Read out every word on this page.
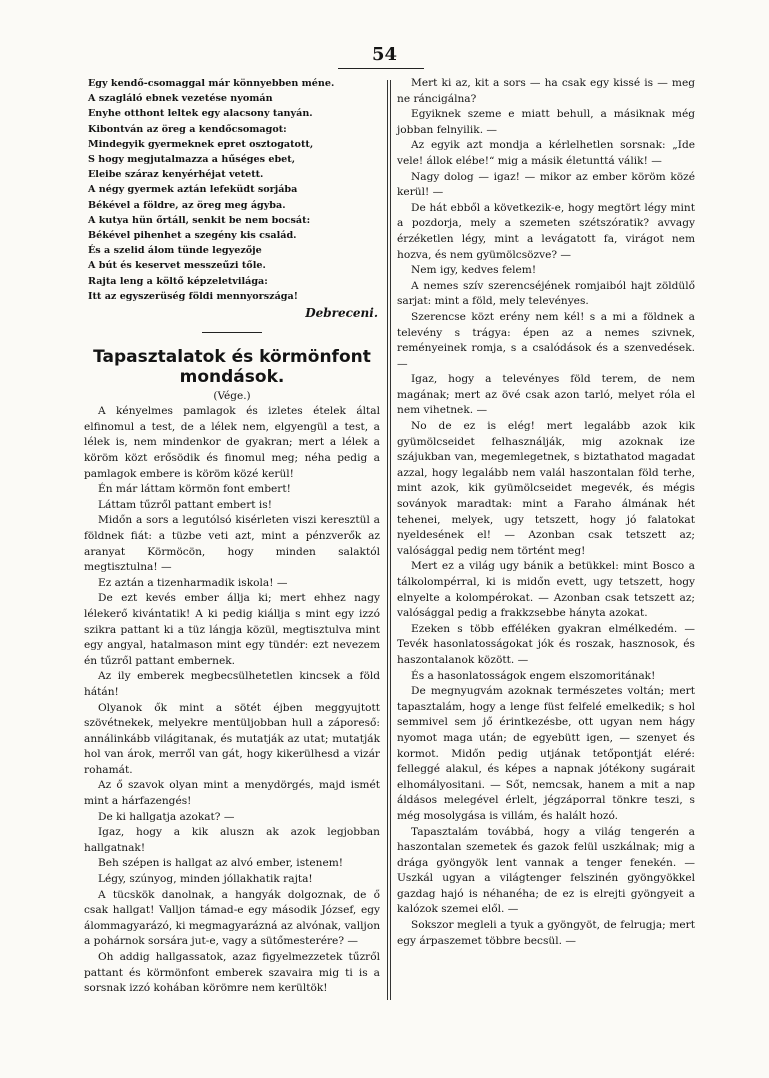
54
Egy kendő-csomaggal már könnyebben méne.
A szagláló ebnek vezetése nyomán
Enyhe otthont leltek egy alacsony tanyán.
Kibontván az öreg a kendőcsomagot:
Mindegyik gyermeknek epret osztogatott,
S hogy megjutalmazza a hűséges ebet,
Eleibe száraz kenyérhéjat vetett.
A négy gyermek aztán lefeküdt sorjába
Békével a földre, az öreg meg ágyba.
A kutya hün őrtáll, senkit be nem bocsát:
Békével pihenhet a szegény kis család.
És a szelid álom tünde legyezője
A bút és keservet messzeűzi tőle.
Rajta leng a költő képzeletvilága:
Itt az egyszerüség földi mennyországa!
Debreceni.
Tapasztalatok és körmönfont
mondások.
(Vége.)

A kényelmes pamlagok és izletes ételek által elfinomul a test, de a lélek nem, elgyengül a test, a lélek is, nem mindenkor de gyakran; mert a lélek a köröm közt erősödik és finomul meg; néha pedig a pamlagok embere is köröm közé kerül!

Én már láttam körmön font embert!

Láttam tűzről pattant embert is!

Midőn a sors a legutólsó kisérleten viszi keresztül a földnek fiát: a tüzbe veti azt, mint a pénzverők az aranyat Körmöcön, hogy minden salaktól megtisztulna! —

Ez aztán a tizenharmadik iskola! —

De ezt kevés ember állja ki; mert ehhez nagy lélekerő kivántatik! A ki pedig kiállja s mint egy izzó szikra pattant ki a tüz lángja közül, megtisztulva mint egy angyal, hatalmason mint egy tündér: ezt nevezem én tűzről pattant embernek.

Az ily emberek megbecsülhetetlen kincsek a föld hátán!

Olyanok ők mint a sötét éjben meggyujtott szövétnekek, melyekre mentüljobban hull a záporeső: annálinkább világitanak, és mutatják az utat; mutatják hol van árok, merről van gát, hogy kikerülhesd a vizár rohamát.

Az ő szavok olyan mint a menydörgés, majd ismét mint a hárfazengés!

De ki hallgatja azokat? —

Igaz, hogy a kik aluszn ak azok legjobban hallgatnak!

Beh szépen is hallgat az alvó ember, istenem!

Légy, szúnyog, minden jóllakhatik rajta!

A tücskök danolnak, a hangyák dolgoznak, de ő csak hallgat! Valljon támad-e egy második József, egy álommagyarázó, ki megmagyarázná az alvónak, valljon a pohárnok sorsára jut-e, vagy a sütőmesterére? —

Oh addig hallgassatok, azaz figyelmezzetek tűzről pattant és körmönfont emberek szavaira mig ti is a sorsnak izzó kohában körömre nem kerültök!

Mert ki az, kit a sors — ha csak egy kissé is — meg ne ráncigálna?

Egyiknek szeme e miatt behull, a másiknak még jobban felnyilik. —

Az egyik azt mondja a kérlelhetlen sorsnak: „Ide vele! állok elébe!“ mig a másik életunttá válik! —

Nagy dolog — igaz! — mikor az ember köröm közé kerül! —

De hát ebből a következik-e, hogy megtört légy mint a pozdorja, mely a szemeten szétszóratik? avvagy érzéketlen légy, mint a levágatott fa, virágot nem hozva, és nem gyümölcsözve? —

Nem igy, kedves felem!

A nemes szív szerencséjének romjaiból hajt zöldülő sarjat: mint a föld, mely televényes.

Szerencse közt erény nem kél! s a mi a földnek a televény s trágya: épen az a nemes szivnek, reményeinek romja, s a csalódások és a szenvedések. —

Igaz, hogy a televényes föld terem, de nem magának; mert az övé csak azon tarló, melyet róla el nem vihetnek. —

No de ez is elég! mert legalább azok kik gyümölcseidet felhasználják, mig azoknak ize szájukban van, megemlegetnek, s biztathatod magadat azzal, hogy legalább nem valál haszontalan föld terhe, mint azok, kik gyümölcseidet megevék, és mégis soványok maradtak: mint a Faraho álmának hét tehenei, melyek, ugy tetszett, hogy jó falatokat nyeldesének el! — Azonban csak tetszett az; valósággal pedig nem történt meg!

Mert ez a világ ugy bánik a betükkel: mint Bosco a tálkolompérral, ki is midőn evett, ugy tetszett, hogy elnyelte a kolompérokat. — Azonban csak tetszett az; valósággal pedig a frakkzsebbe hányta azokat.

Ezeken s több efféléken gyakran elmélkedém. — Tevék hasonlatosságokat jók és roszak, hasznosok, és haszontalanok között. —

És a hasonlatosságok engem elszomoritának!

De megnyugvám azoknak természetes voltán; mert tapasztalám, hogy a lenge füst felfelé emelkedik; s hol semmivel sem jő érintkezésbe, ott ugyan nem hágy nyomot maga után; de egyebütt igen, — szenyet és kormot. Midőn pedig utjának tetőpontját eléré: felleggé alakul, és képes a napnak jótékony sugárait elhomályositani. — Sőt, nemcsak, hanem a mit a nap áldásos melegével érlelt, jégzáporral tönkre teszi, s még mosolygása is villám, és halált hozó.

Tapasztalám továbbá, hogy a világ tengerén a haszontalan szemetek és gazok felül uszkálnak; mig a drága gyöngyök lent vannak a tenger fenekén. — Uszkál ugyan a világtenger felszinén gyöngyökkel gazdag hajó is néhanéha; de ez is elrejti gyöngyeit a kalózok szemei elől. —

Sokszor megleli a tyuk a gyöngyöt, de felrugja; mert egy árpaszemet többre becsül. —
